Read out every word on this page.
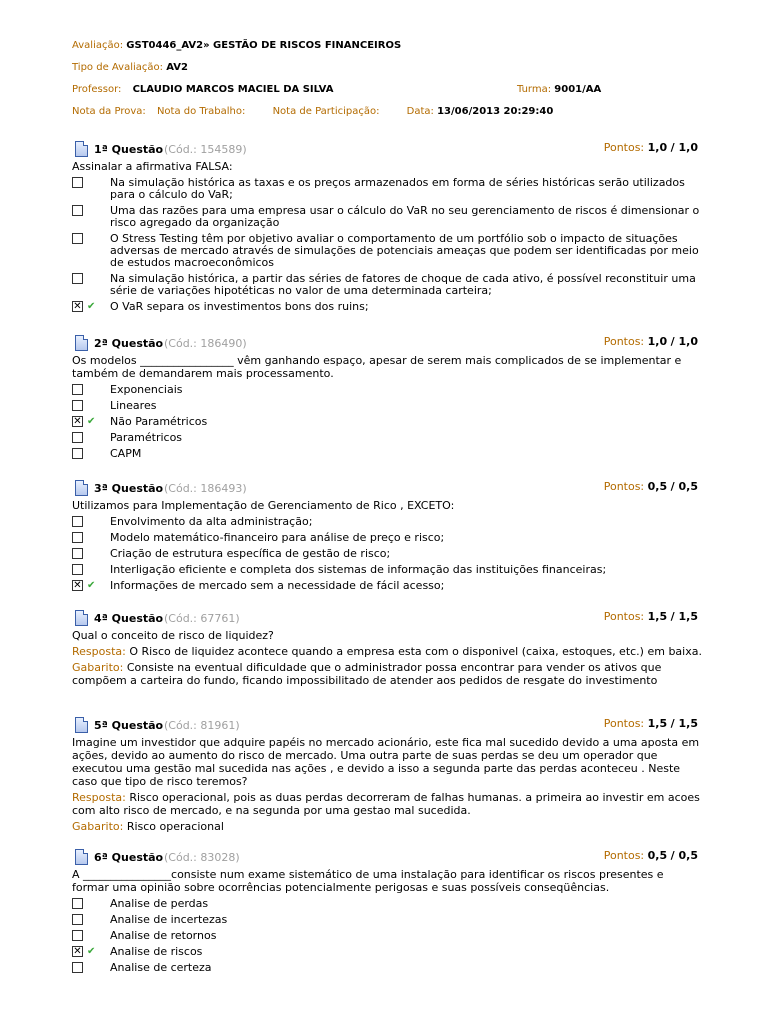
Avaliação: GST0446_AV2» GESTÃO DE RISCOS FINANCEIROS
Tipo de Avaliação: AV2
Professor: CLAUDIO MARCOS MACIEL DA SILVA	Turma: 9001/AA
Nota da Prova: Nota do Trabalho:	Nota de Participação:	Data: 13/06/2013 20:29:40
1ª Questão (Cód.: 154589)	Pontos: 1,0 / 1,0
Assinalar a afirmativa FALSA:
Na simulação histórica as taxas e os preços armazenados em forma de séries históricas serão utilizados para o cálculo do VaR;
Uma das razões para uma empresa usar o cálculo do VaR no seu gerenciamento de riscos é dimensionar o risco agregado da organização
O Stress Testing têm por objetivo avaliar o comportamento de um portfólio sob o impacto de situações adversas de mercado através de simulações de potenciais ameaças que podem ser identificadas por meio de estudos macroeconômicos
Na simulação histórica, a partir das séries de fatores de choque de cada ativo, é possível reconstituir uma série de variações hipotéticas no valor de uma determinada carteira;
✕ ✔ O VaR separa os investimentos bons dos ruins;
2ª Questão (Cód.: 186490)	Pontos: 1,0 / 1,0
Os modelos _________________ vêm ganhando espaço, apesar de serem mais complicados de se implementar e também de demandarem mais processamento.
Exponenciais
Lineares
✕ ✔ Não Paramétricos
Paramétricos
CAPM
3ª Questão (Cód.: 186493)	Pontos: 0,5 / 0,5
Utilizamos para Implementação de Gerenciamento de Rico , EXCETO:
Envolvimento da alta administração;
Modelo matemático-financeiro para análise de preço e risco;
Criação de estrutura específica de gestão de risco;
Interligação eficiente e completa dos sistemas de informação das instituições financeiras;
✕ ✔ Informações de mercado sem a necessidade de fácil acesso;
4ª Questão (Cód.: 67761)	Pontos: 1,5 / 1,5
Qual o conceito de risco de liquidez?
Resposta: O Risco de liquidez acontece quando a empresa esta com o disponivel (caixa, estoques, etc.) em baixa.
Gabarito: Consiste na eventual dificuldade que o administrador possa encontrar para vender os ativos que compõem a carteira do fundo, ficando impossibilitado de atender aos pedidos de resgate do investimento
5ª Questão (Cód.: 81961)	Pontos: 1,5 / 1,5
Imagine um investidor que adquire papéis no mercado acionário, este fica mal sucedido devido a uma aposta em ações, devido ao aumento do risco de mercado. Uma outra parte de suas perdas se deu um operador que executou uma gestão mal sucedida nas ações , e devido a isso a segunda parte das perdas aconteceu . Neste caso que tipo de risco teremos?
Resposta: Risco operacional, pois as duas perdas decorreram de falhas humanas. a primeira ao investir em acoes com alto risco de mercado, e na segunda por uma gestao mal sucedida.
Gabarito: Risco operacional
6ª Questão (Cód.: 83028)	Pontos: 0,5 / 0,5
A ________________consiste num exame sistemático de uma instalação para identificar os riscos presentes e formar uma opinião sobre ocorrências potencialmente perigosas e suas possíveis conseqüências.
Analise de perdas
Analise de incertezas
Analise de retornos
✕ ✔ Analise de riscos
Analise de certeza
